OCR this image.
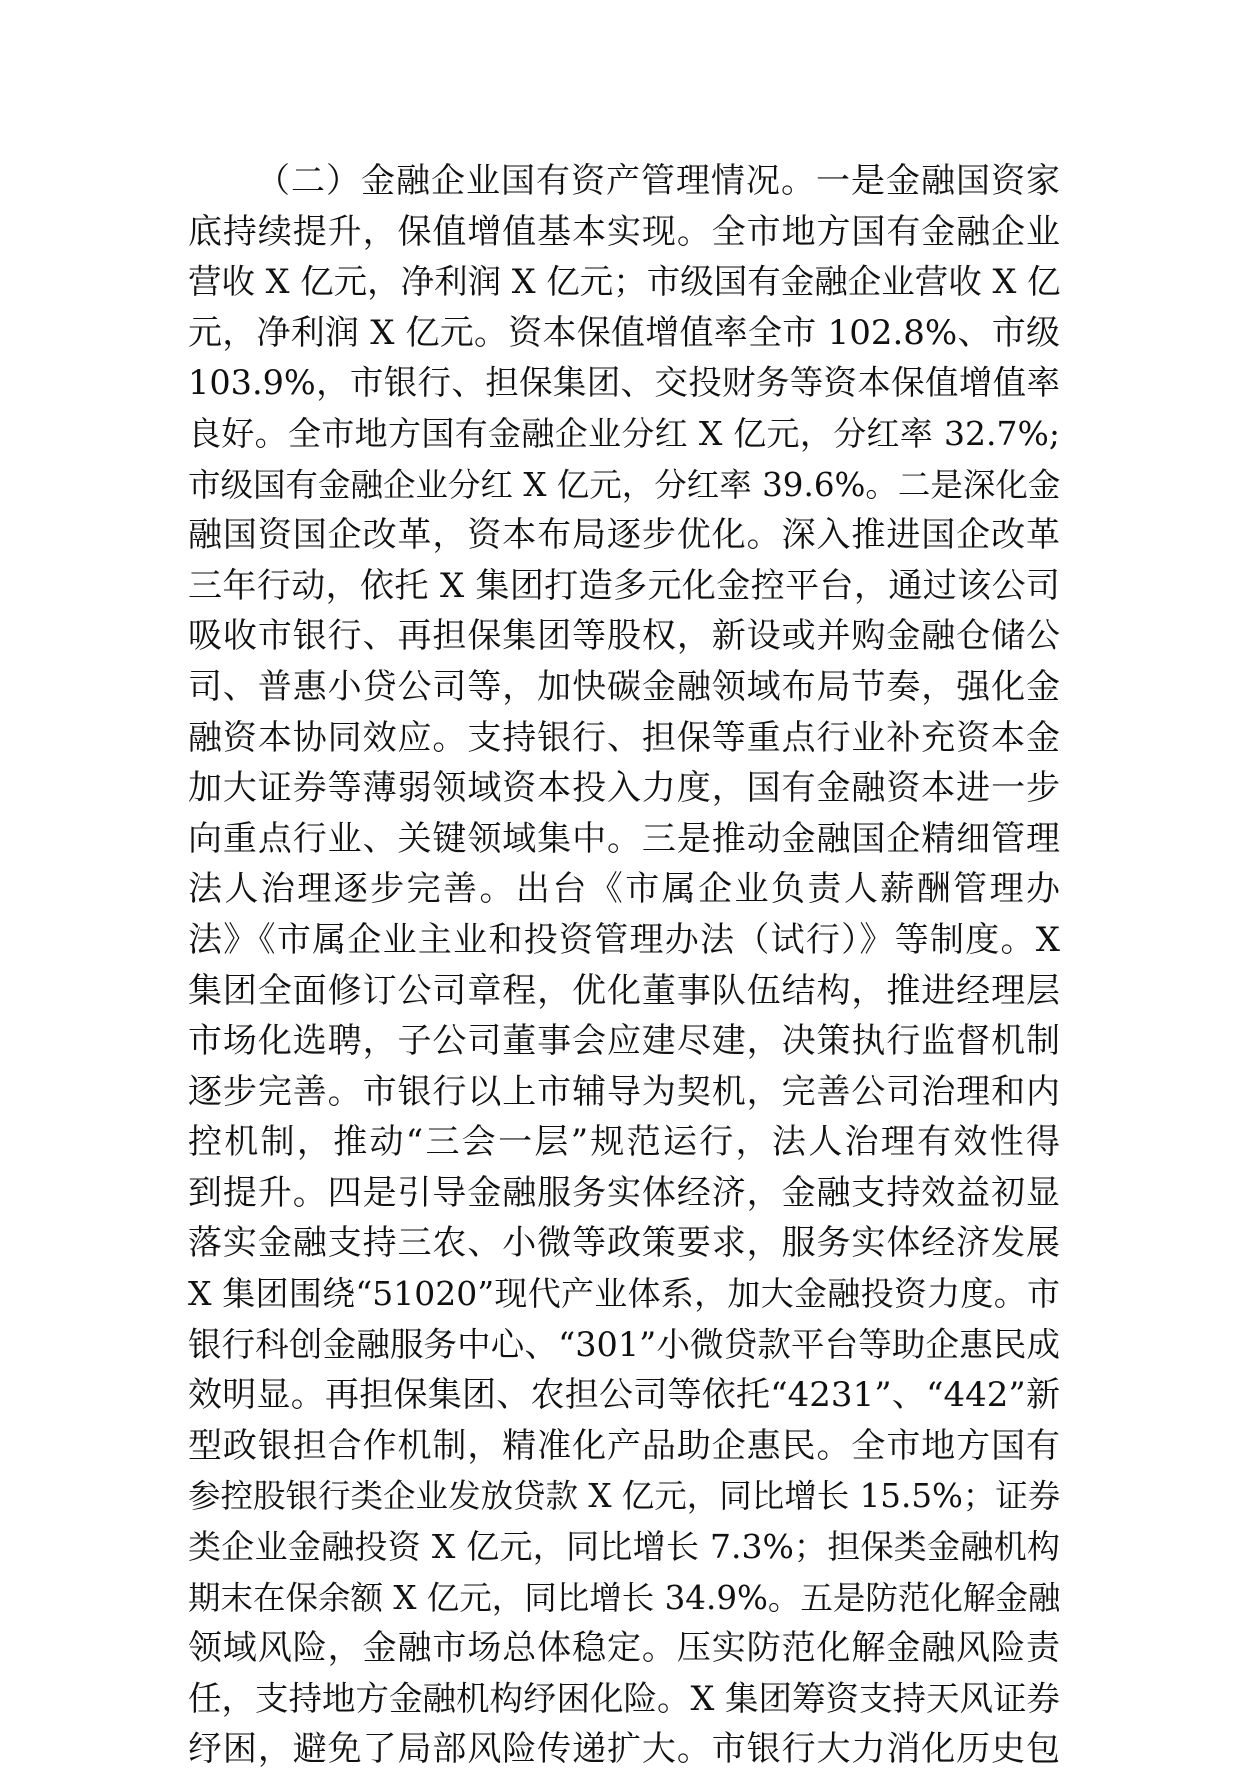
（二）金融企业国有资产管理情况。一是金融国资家
底持续提升，保值增值基本实现。全市地方国有金融企业
营收 X 亿元，净利润 X 亿元；市级国有金融企业营收 X 亿
元，净利润 X 亿元。资本保值增值率全市 102.8%、市级
103.9%，市银行、担保集团、交投财务等资本保值增值率
良好。全市地方国有金融企业分红 X 亿元，分红率 32.7%;
市级国有金融企业分红 X 亿元，分红率 39.6%。二是深化金
融国资国企改革，资本布局逐步优化。深入推进国企改革
三年行动，依托 X 集团打造多元化金控平台，通过该公司
吸收市银行、再担保集团等股权，新设或并购金融仓储公
司、普惠小贷公司等，加快碳金融领域布局节奏，强化金
融资本协同效应。支持银行、担保等重点行业补充资本金
加大证券等薄弱领域资本投入力度，国有金融资本进一步
向重点行业、关键领域集中。三是推动金融国企精细管理
法人治理逐步完善。出台《市属企业负责人薪酬管理办
法》《市属企业主业和投资管理办法（试行）》等制度。X
集团全面修订公司章程，优化董事队伍结构，推进经理层
市场化选聘，子公司董事会应建尽建，决策执行监督机制
逐步完善。市银行以上市辅导为契机，完善公司治理和内
控机制，推动“三会一层”规范运行，法人治理有效性得
到提升。四是引导金融服务实体经济，金融支持效益初显
落实金融支持三农、小微等政策要求，服务实体经济发展
X 集团围绕“51020”现代产业体系，加大金融投资力度。市
银行科创金融服务中心、“301”小微贷款平台等助企惠民成
效明显。再担保集团、农担公司等依托“4231”、“442”新
型政银担合作机制，精准化产品助企惠民。全市地方国有
参控股银行类企业发放贷款 X 亿元，同比增长 15.5%；证券
类企业金融投资 X 亿元，同比增长 7.3%；担保类金融机构
期末在保余额 X 亿元，同比增长 34.9%。五是防范化解金融
领域风险，金融市场总体稳定。压实防范化解金融风险责
任，支持地方金融机构纾困化险。X 集团筹资支持天风证券
纾困，避免了局部风险传递扩大。市银行大力消化历史包
